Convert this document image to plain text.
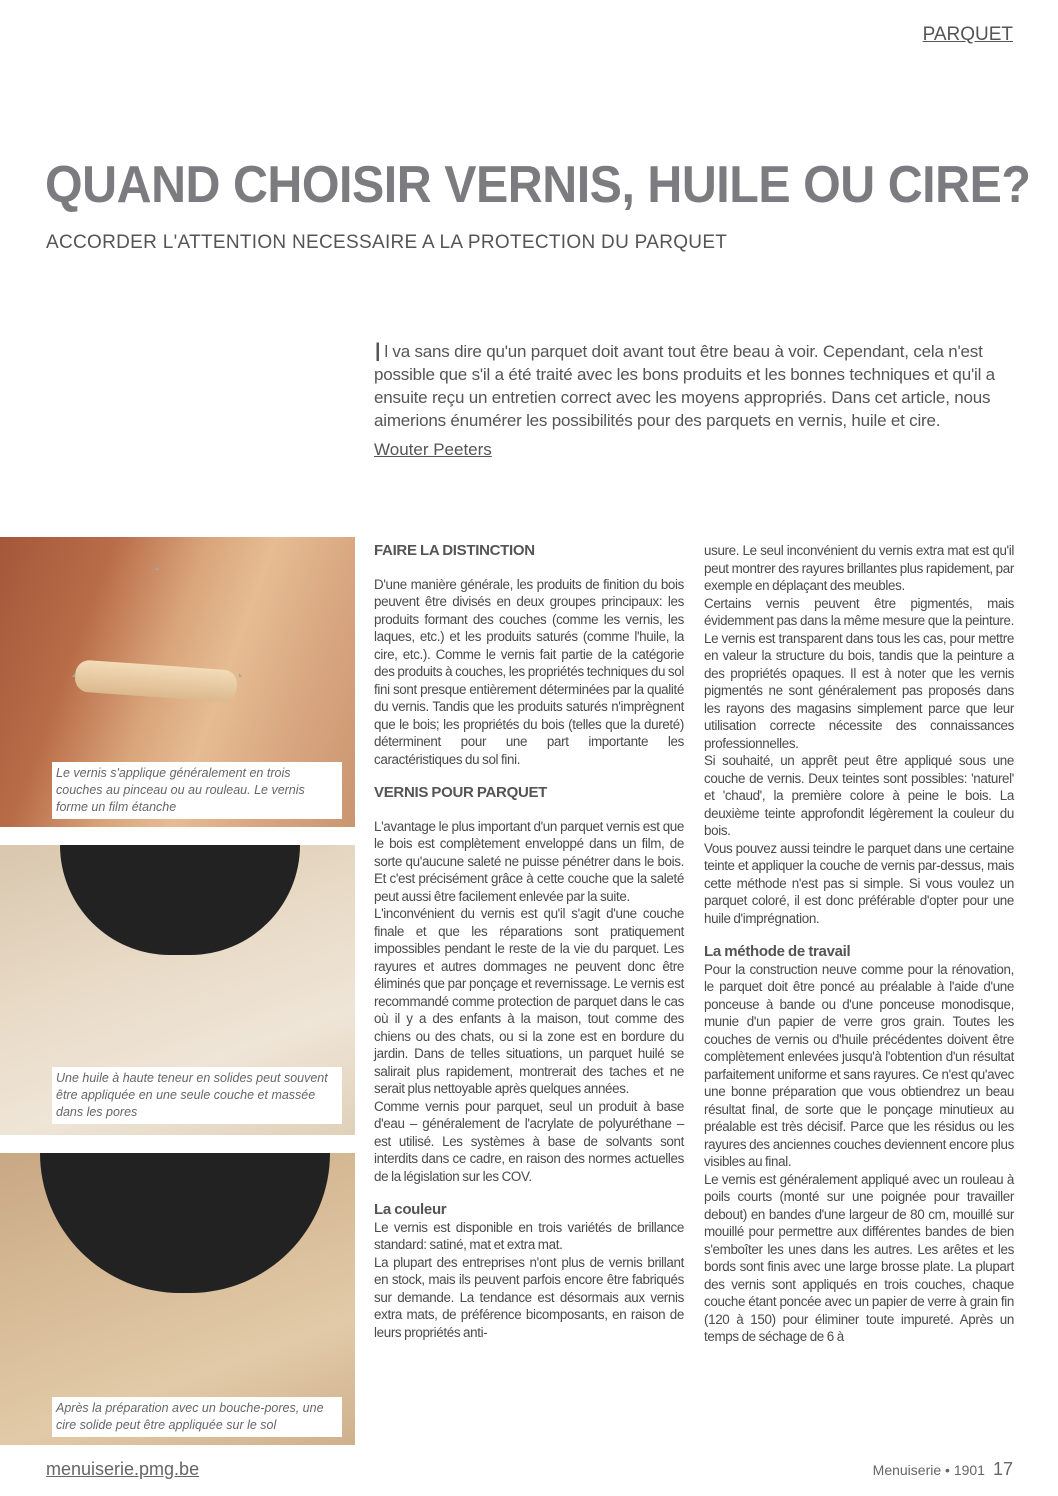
PARQUET
QUAND CHOISIR VERNIS, HUILE OU CIRE?
ACCORDER L'ATTENTION NECESSAIRE A LA PROTECTION DU PARQUET
Il va sans dire qu'un parquet doit avant tout être beau à voir. Cependant, cela n'est possible que s'il a été traité avec les bons produits et les bonnes techniques et qu'il a ensuite reçu un entretien correct avec les moyens appropriés. Dans cet article, nous aimerions énumérer les possibilités pour des parquets en vernis, huile et cire.
Wouter Peeters
Le vernis s'applique généralement en trois couches au pinceau ou au rouleau. Le vernis forme un film étanche
Une huile à haute teneur en solides peut souvent être appliquée en une seule couche et massée dans les pores
Après la préparation avec un bouche-pores, une cire solide peut être appliquée sur le sol
FAIRE LA DISTINCTION

D'une manière générale, les produits de finition du bois peuvent être divisés en deux groupes principaux: les produits formant des couches (comme les vernis, les laques, etc.) et les produits saturés (comme l'huile, la cire, etc.). Comme le vernis fait partie de la catégorie des produits à couches, les propriétés techniques du sol fini sont presque entièrement déterminées par la qualité du vernis. Tandis que les produits saturés n'imprègnent que le bois; les propriétés du bois (telles que la dureté) déterminent pour une part importante les caractéristiques du sol fini.

VERNIS POUR PARQUET

L'avantage le plus important d'un parquet vernis est que le bois est complètement enveloppé dans un film, de sorte qu'aucune saleté ne puisse pénétrer dans le bois. Et c'est précisément grâce à cette couche que la saleté peut aussi être facilement enlevée par la suite.

L'inconvénient du vernis est qu'il s'agit d'une couche finale et que les réparations sont pratiquement impossibles pendant le reste de la vie du parquet. Les rayures et autres dommages ne peuvent donc être éliminés que par ponçage et revernissage. Le vernis est recommandé comme protection de parquet dans le cas où il y a des enfants à la maison, tout comme des chiens ou des chats, ou si la zone est en bordure du jardin. Dans de telles situations, un parquet huilé se salirait plus rapidement, montrerait des taches et ne serait plus nettoyable après quelques années.

Comme vernis pour parquet, seul un produit à base d'eau – généralement de l'acrylate de polyuréthane – est utilisé. Les systèmes à base de solvants sont interdits dans ce cadre, en raison des normes actuelles de la législation sur les COV.

La couleur

Le vernis est disponible en trois variétés de brillance standard: satiné, mat et extra mat.

La plupart des entreprises n'ont plus de vernis brillant en stock, mais ils peuvent parfois encore être fabriqués sur demande. La tendance est désormais aux vernis extra mats, de préférence bicomposants, en raison de leurs propriétés anti-

usure. Le seul inconvénient du vernis extra mat est qu'il peut montrer des rayures brillantes plus rapidement, par exemple en déplaçant des meubles.

Certains vernis peuvent être pigmentés, mais évidemment pas dans la même mesure que la peinture. Le vernis est transparent dans tous les cas, pour mettre en valeur la structure du bois, tandis que la peinture a des propriétés opaques. Il est à noter que les vernis pigmentés ne sont généralement pas proposés dans les rayons des magasins simplement parce que leur utilisation correcte nécessite des connaissances professionnelles.

Si souhaité, un apprêt peut être appliqué sous une couche de vernis. Deux teintes sont possibles: 'naturel' et 'chaud', la première colore à peine le bois. La deuxième teinte approfondit légèrement la couleur du bois.

Vous pouvez aussi teindre le parquet dans une certaine teinte et appliquer la couche de vernis par-dessus, mais cette méthode n'est pas si simple. Si vous voulez un parquet coloré, il est donc préférable d'opter pour une huile d'imprégnation.

La méthode de travail

Pour la construction neuve comme pour la rénovation, le parquet doit être poncé au préalable à l'aide d'une ponceuse à bande ou d'une ponceuse monodisque, munie d'un papier de verre gros grain. Toutes les couches de vernis ou d'huile précédentes doivent être complètement enlevées jusqu'à l'obtention d'un résultat parfaitement uniforme et sans rayures. Ce n'est qu'avec une bonne préparation que vous obtiendrez un beau résultat final, de sorte que le ponçage minutieux au préalable est très décisif. Parce que les résidus ou les rayures des anciennes couches deviennent encore plus visibles au final.

Le vernis est généralement appliqué avec un rouleau à poils courts (monté sur une poignée pour travailler debout) en bandes d'une largeur de 80 cm, mouillé sur mouillé pour permettre aux différentes bandes de bien s'emboîter les unes dans les autres. Les arêtes et les bords sont finis avec une large brosse plate. La plupart des vernis sont appliqués en trois couches, chaque couche étant poncée avec un papier de verre à grain fin (120 à 150) pour éliminer toute impureté. Après un temps de séchage de 6 à

menuiserie.pmg.be	Menuiserie • 1901 17
